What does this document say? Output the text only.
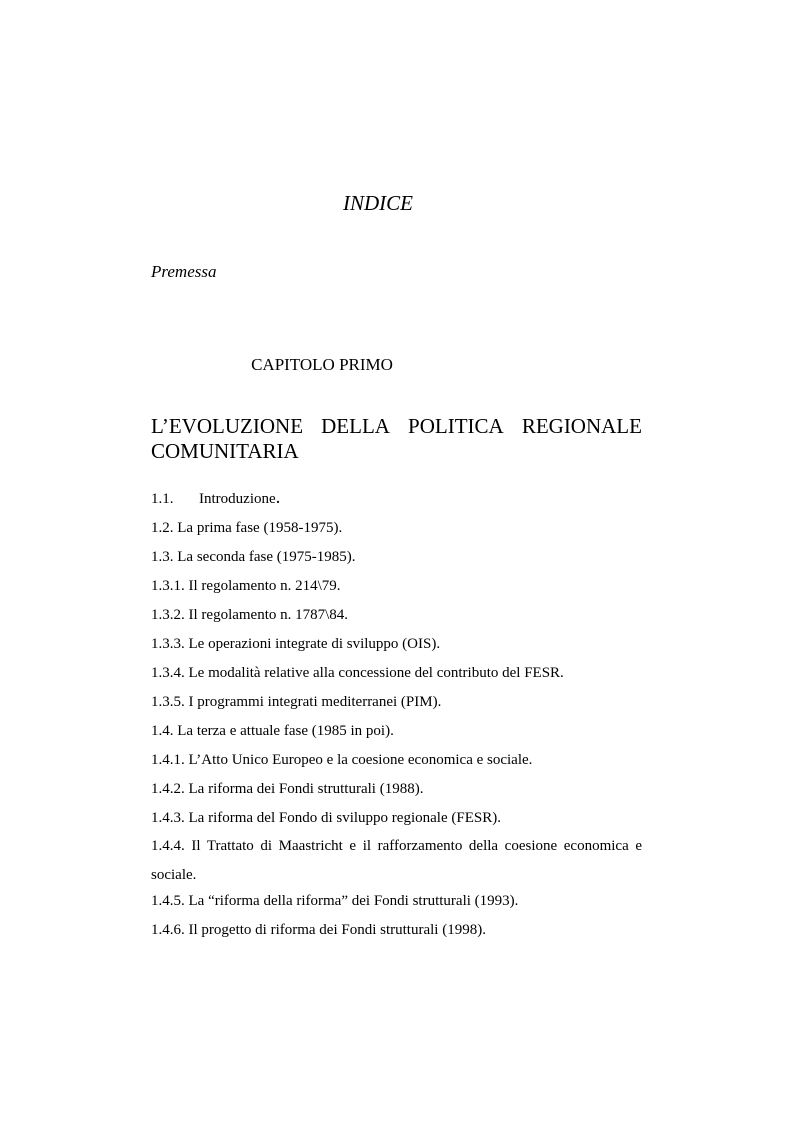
INDICE
Premessa
CAPITOLO PRIMO
L’EVOLUZIONE DELLA POLITICA REGIONALE
COMUNITARIA
1.1. Introduzione.
1.2. La prima fase (1958-1975).
1.3. La seconda fase (1975-1985).
1.3.1. Il regolamento n. 214\79.
1.3.2. Il regolamento n. 1787\84.
1.3.3. Le operazioni integrate di sviluppo (OIS).
1.3.4. Le modalità relative alla concessione del contributo del FESR.
1.3.5. I programmi integrati mediterranei (PIM).
1.4. La terza e attuale fase (1985 in poi).
1.4.1. L’Atto Unico Europeo e la coesione economica e sociale.
1.4.2. La riforma dei Fondi strutturali (1988).
1.4.3. La riforma del Fondo di sviluppo regionale (FESR).
1.4.4. Il Trattato di Maastricht e il rafforzamento della coesione economica e sociale.
1.4.5. La “riforma della riforma” dei Fondi strutturali (1993).
1.4.6. Il progetto di riforma dei Fondi strutturali (1998).
